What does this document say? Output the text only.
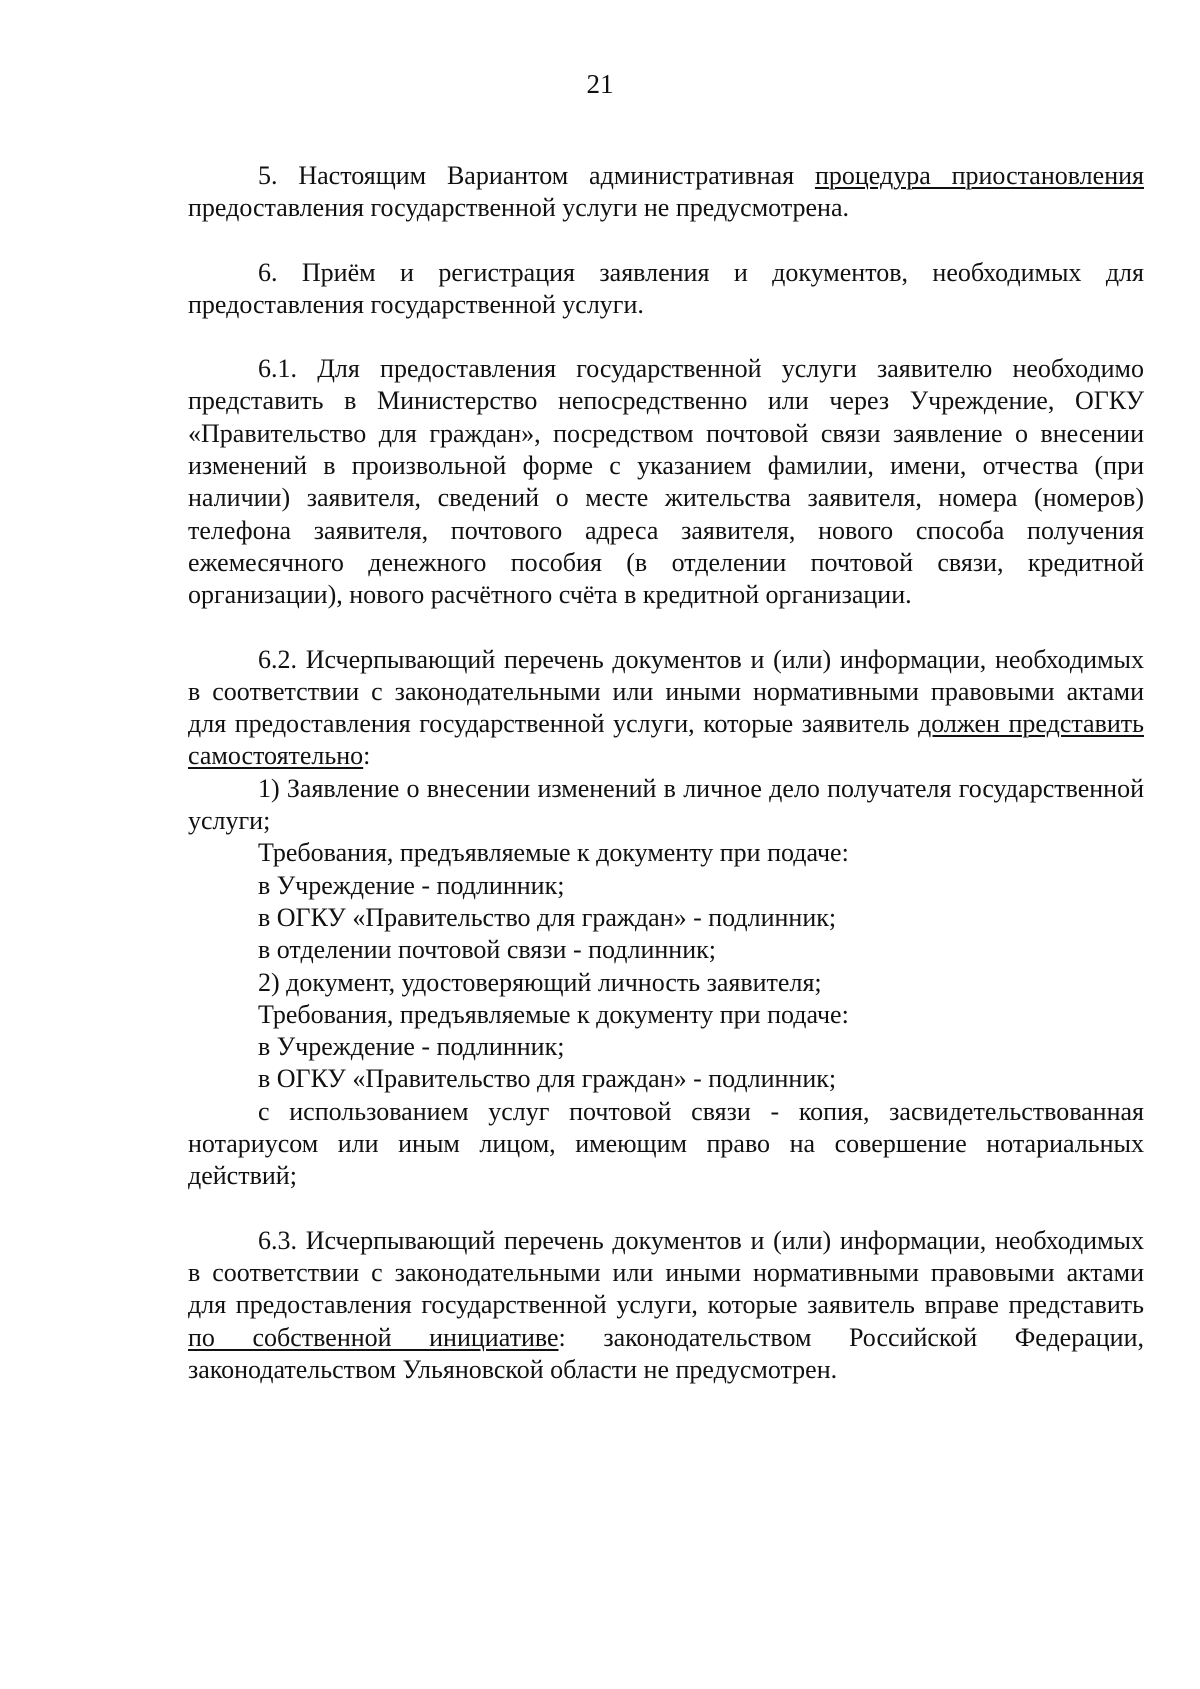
21

5. Настоящим Вариантом административная процедура приостановления предоставления государственной услуги не предусмотрена.

6. Приём и регистрация заявления и документов, необходимых для предоставления государственной услуги.

6.1. Для предоставления государственной услуги заявителю необходимо представить в Министерство непосредственно или через Учреждение, ОГКУ «Правительство для граждан», посредством почтовой связи заявление о внесении изменений в произвольной форме с указанием фамилии, имени, отчества (при наличии) заявителя, сведений о месте жительства заявителя, номера (номеров) телефона заявителя, почтового адреса заявителя, нового способа получения ежемесячного денежного пособия (в отделении почтовой связи, кредитной организации), нового расчётного счёта в кредитной организации.

6.2. Исчерпывающий перечень документов и (или) информации, необходимых в соответствии с законодательными или иными нормативными правовыми актами для предоставления государственной услуги, которые заявитель должен представить самостоятельно:

1) Заявление о внесении изменений в личное дело получателя государственной услуги;

Требования, предъявляемые к документу при подаче:

в Учреждение - подлинник;

в ОГКУ «Правительство для граждан» - подлинник;

в отделении почтовой связи - подлинник;

2) документ, удостоверяющий личность заявителя;

Требования, предъявляемые к документу при подаче:

в Учреждение - подлинник;

в ОГКУ «Правительство для граждан» - подлинник;

с использованием услуг почтовой связи - копия, засвидетельствованная нотариусом или иным лицом, имеющим право на совершение нотариальных действий;

6.3. Исчерпывающий перечень документов и (или) информации, необходимых в соответствии с законодательными или иными нормативными правовыми актами для предоставления государственной услуги, которые заявитель вправе представить по собственной инициативе: законодательством Российской Федерации, законодательством Ульяновской области не предусмотрен.
